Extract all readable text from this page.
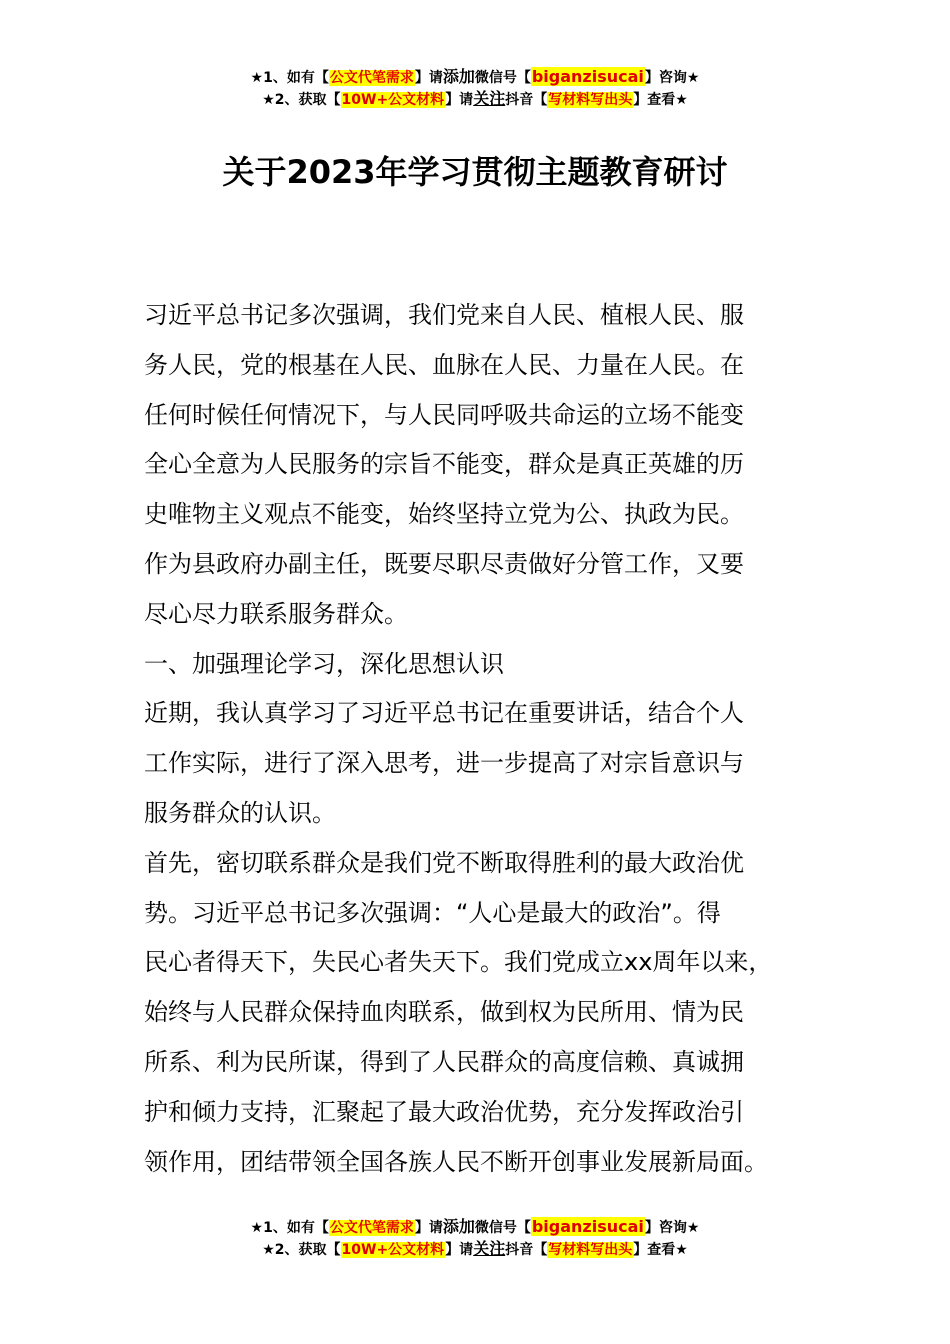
★1、如有【公文代笔需求】请添加微信号【biganzisucai】咨询★
★2、获取【10W+公文材料】请关注抖音【写材料写出头】查看★
关于2023年学习贯彻主题教育研讨
习近平总书记多次强调，我们党来自人民、植根人民、服
务人民，党的根基在人民、血脉在人民、力量在人民。在
任何时候任何情况下，与人民同呼吸共命运的立场不能变
全心全意为人民服务的宗旨不能变，群众是真正英雄的历
史唯物主义观点不能变，始终坚持立党为公、执政为民。
作为县政府办副主任，既要尽职尽责做好分管工作，又要
尽心尽力联系服务群众。
一、加强理论学习，深化思想认识
近期，我认真学习了习近平总书记在重要讲话，结合个人
工作实际，进行了深入思考，进一步提高了对宗旨意识与
服务群众的认识。
首先，密切联系群众是我们党不断取得胜利的最大政治优
势。习近平总书记多次强调：“人心是最大的政治”。得
民心者得天下，失民心者失天下。我们党成立xx周年以来，
始终与人民群众保持血肉联系，做到权为民所用、情为民
所系、利为民所谋，得到了人民群众的高度信赖、真诚拥
护和倾力支持，汇聚起了最大政治优势，充分发挥政治引
领作用，团结带领全国各族人民不断开创事业发展新局面。
★1、如有【公文代笔需求】请添加微信号【biganzisucai】咨询★
★2、获取【10W+公文材料】请关注抖音【写材料写出头】查看★
